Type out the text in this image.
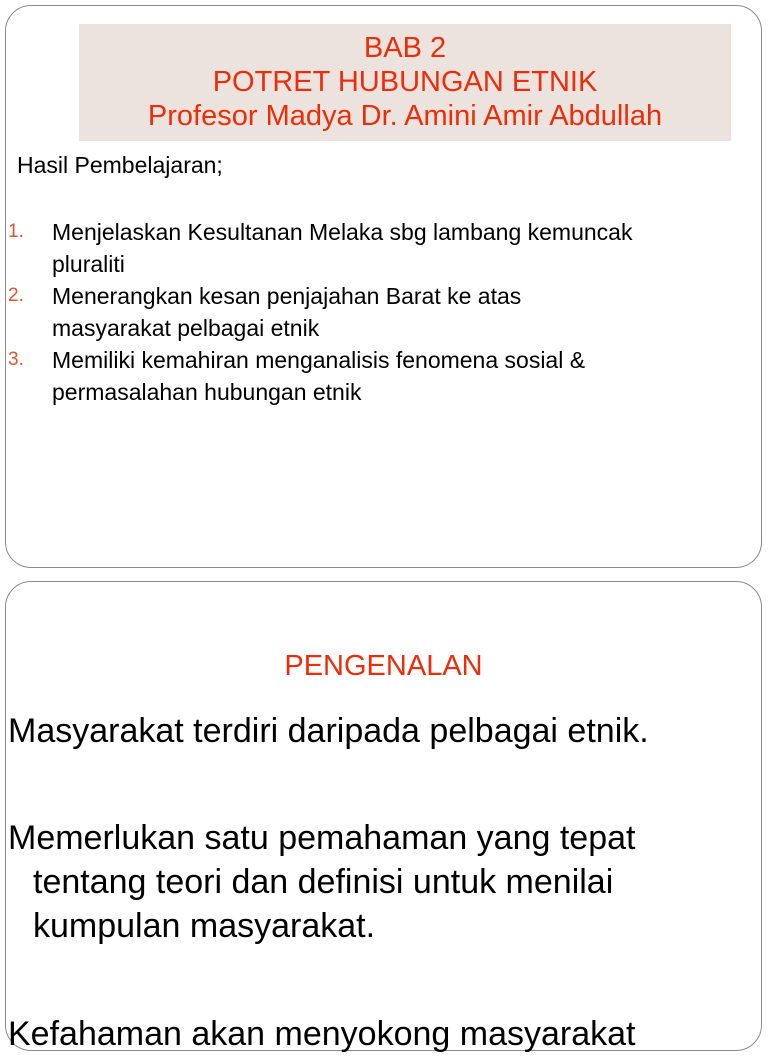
BAB 2
POTRET HUBUNGAN ETNIK
Profesor Madya Dr. Amini Amir Abdullah
Hasil Pembelajaran;
1. Menjelaskan Kesultanan Melaka sbg lambang kemuncak
pluraliti
2. Menerangkan kesan penjajahan Barat ke atas
masyarakat pelbagai etnik
3. Memiliki kemahiran menganalisis fenomena sosial &
permasalahan hubungan etnik
PENGENALAN
Masyarakat terdiri daripada pelbagai etnik.
Memerlukan satu pemahaman yang tepat
tentang teori dan definisi untuk menilai
kumpulan masyarakat.
Kefahaman akan menyokong masyarakat
